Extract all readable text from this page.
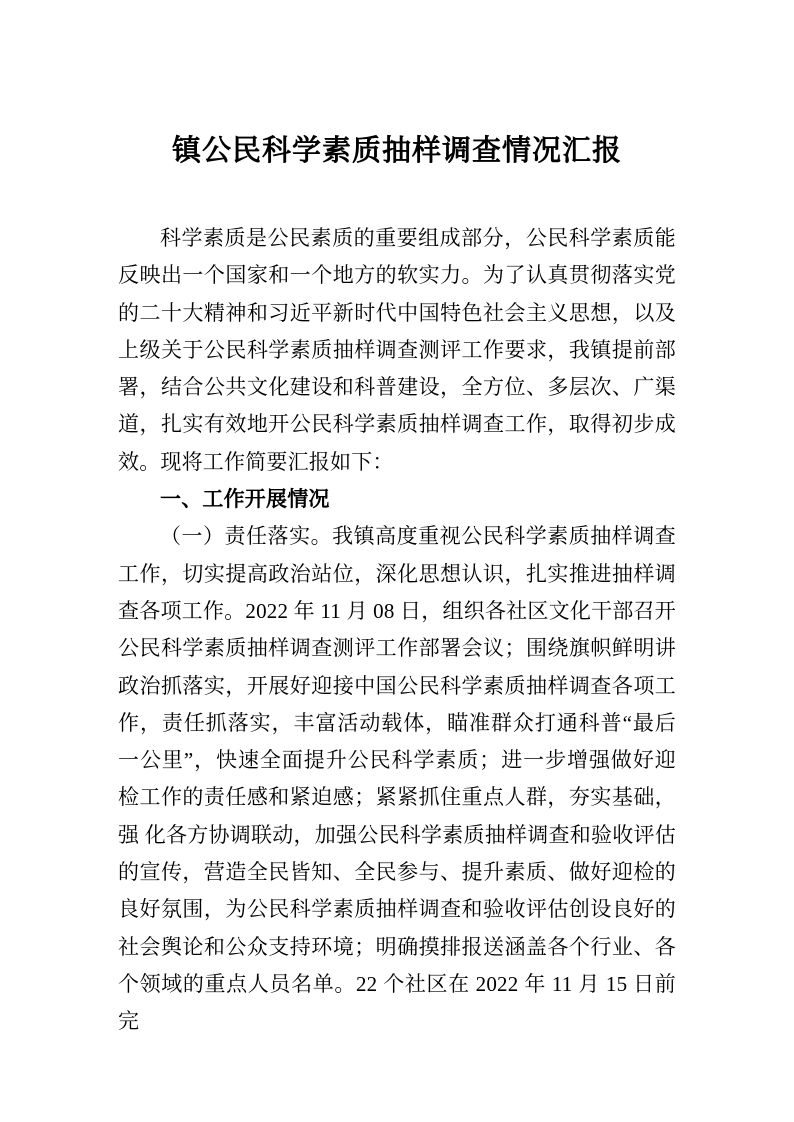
镇公民科学素质抽样调查情况汇报

科学素质是公民素质的重要组成部分，公民科学素质能反映出一个国家和一个地方的软实力。为了认真贯彻落实党的二十大精神和习近平新时代中国特色社会主义思想，以及上级关于公民科学素质抽样调查测评工作要求，我镇提前部署，结合公共文化建设和科普建设，全方位、多层次、广渠道，扎实有效地开公民科学素质抽样调查工作，取得初步成效。现将工作简要汇报如下：

一、工作开展情况

（一）责任落实。我镇高度重视公民科学素质抽样调查工作，切实提高政治站位，深化思想认识，扎实推进抽样调查各项工作。2022 年 11 月 08 日，组织各社区文化干部召开公民科学素质抽样调查测评工作部署会议；围绕旗帜鲜明讲政治抓落实，开展好迎接中国公民科学素质抽样调查各项工作，责任抓落实，丰富活动载体，瞄准群众打通科普“最后一公里”，快速全面提升公民科学素质；进一步增强做好迎检工作的责任感和紧迫感；紧紧抓住重点人群，夯实基础，强 化各方协调联动，加强公民科学素质抽样调查和验收评估的宣传，营造全民皆知、全民参与、提升素质、做好迎检的良好氛围，为公民科学素质抽样调查和验收评估创设良好的社会舆论和公众支持环境；明确摸排报送涵盖各个行业、各个领域的重点人员名单。22 个社区在 2022 年 11 月 15 日前完
